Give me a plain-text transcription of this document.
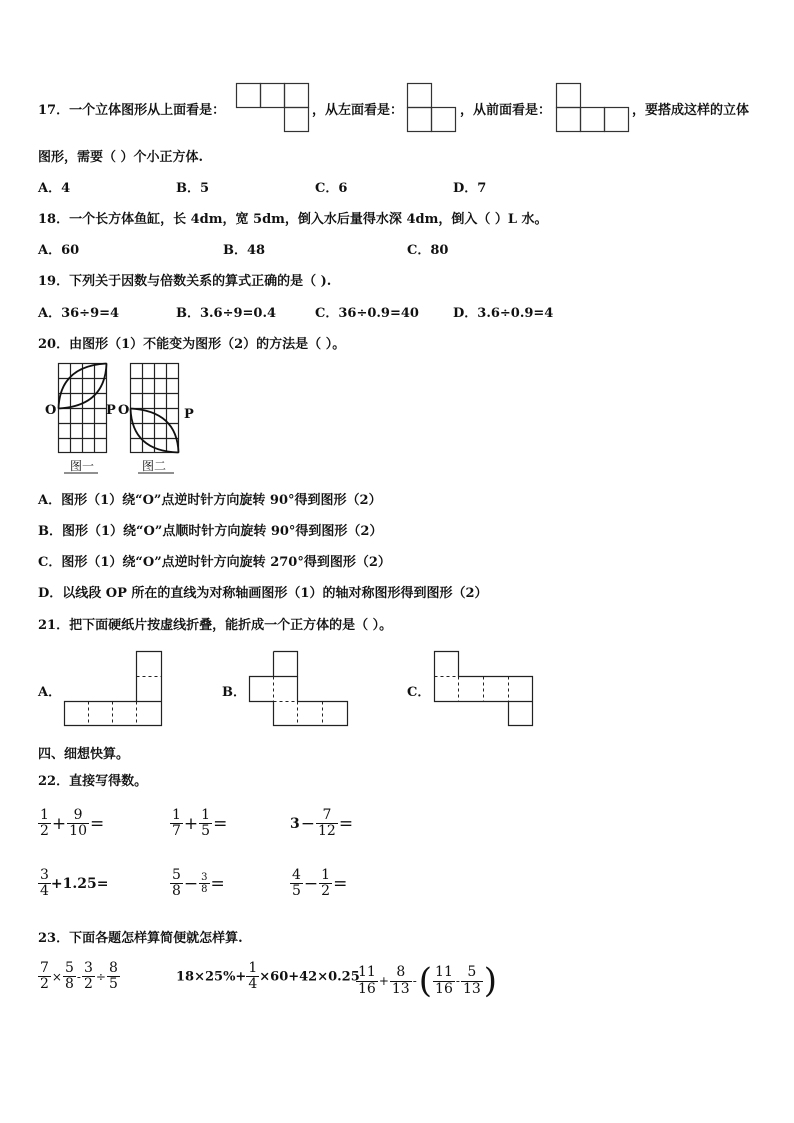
17．一个立体图形从上面看是：	，从左面看是：	，从前面看是：	，要搭成这样的立体
图形，需要（ ）个小正方体.
A．4	B．5	C．6	D．7
18．一个长方体鱼缸，长 4dm，宽 5dm，倒入水后量得水深 4dm，倒入（ ）L 水。
A．60	B．48	C．80
19．下列关于因数与倍数关系的算式正确的是（ ).
A．36÷9=4	B．3.6÷9=0.4	C．36÷0.9=40	D．3.6÷0.9=4
20．由图形（1）不能变为图形（2）的方法是（ ）。
O	P O	P
图一	图二
A．图形（1）绕“O”点逆时针方向旋转 90°得到图形（2）
B．图形（1）绕“O”点顺时针方向旋转 90°得到图形（2）
C．图形（1）绕“O”点逆时针方向旋转 270°得到图形（2）
D．以线段 OP 所在的直线为对称轴画图形（1）的轴对称图形得到图形（2）
21．把下面硬纸片按虚线折叠，能折成一个正方体的是（ ）。
A．	B．	C．
四、细想快算。
22．直接写得数。
$\frac{1}{2} + \frac{9}{10}$ =	$\frac{1}{7} + \frac{1}{5}$ =	$3- \frac{7}{12}$ =
$\frac{3}{4} +1.25=$	$\frac{5}{8} - \frac{3}{8}$ =	$\frac{4}{5} - \frac{1}{2}$ =
23．下面各题怎样算简便就怎样算.
$\frac{7}{2} \times \frac{5}{8} - \frac{3}{2} \div \frac{8}{5}$	$18\times 25\%+ \frac{1}{4} \times 60+42\times 0.25$
$\frac{11}{16} + \frac{8}{13}$ -( $\frac{11}{16} - \frac{5}{13}$ )
